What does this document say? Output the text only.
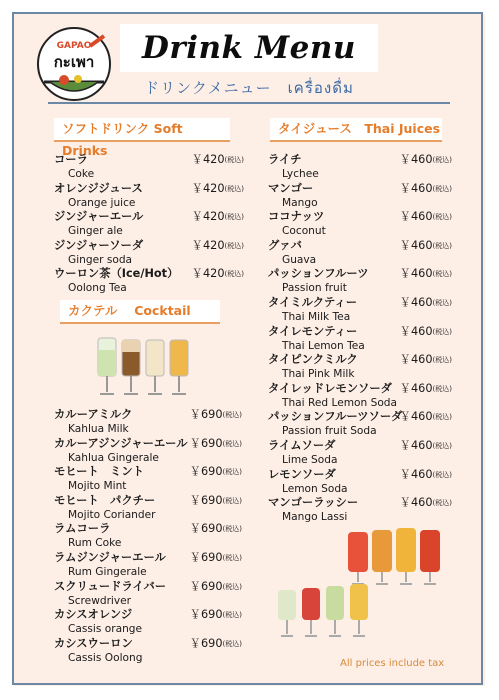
GAPAO
กะเพา	Drink Menu
ドリンクメニュー　เครื่องดื่ม
ソフトドリンク Soft Drinks
タイジュース　Thai Juices
カクテル　 Cocktail
コーラ
Coke
￥420(税込)
オレンジジュース
Orange juice
￥420(税込)
ジンジャーエール
Ginger ale
￥420(税込)
ジンジャーソーダ
Ginger soda
￥420(税込)
ウーロン茶（Ice/Hot）
Oolong Tea
￥420(税込)
カルーアミルク
Kahlua Milk
￥690(税込)
カルーアジンジャーエール
Kahlua Gingerale
￥690(税込)
モヒート　ミント
Mojito Mint
￥690(税込)
モヒート　パクチー
Mojito Coriander
￥690(税込)
ラムコーラ
Rum Coke
￥690(税込)
ラムジンジャーエール
Rum Gingerale
￥690(税込)
スクリュードライバー
Screwdriver
￥690(税込)
カシスオレンジ
Cassis orange
￥690(税込)
カシスウーロン
Cassis Oolong
￥690(税込)
ライチ
Lychee
￥460(税込)
マンゴー
Mango
￥460(税込)
ココナッツ
Coconut
￥460(税込)
グァバ
Guava
￥460(税込)
パッションフルーツ
Passion fruit
￥460(税込)
タイミルクティー
Thai Milk Tea
￥460(税込)
タイレモンティー
Thai Lemon Tea
￥460(税込)
タイピンクミルク
Thai Pink Milk
￥460(税込)
タイレッドレモンソーダ
Thai Red Lemon Soda
￥460(税込)
パッションフルーツソーダ
Passion fruit Soda
￥460(税込)
ライムソーダ
Lime Soda
￥460(税込)
レモンソーダ
Lemon Soda
￥460(税込)
マンゴーラッシー
Mango Lassi
￥460(税込)
All prices include tax
